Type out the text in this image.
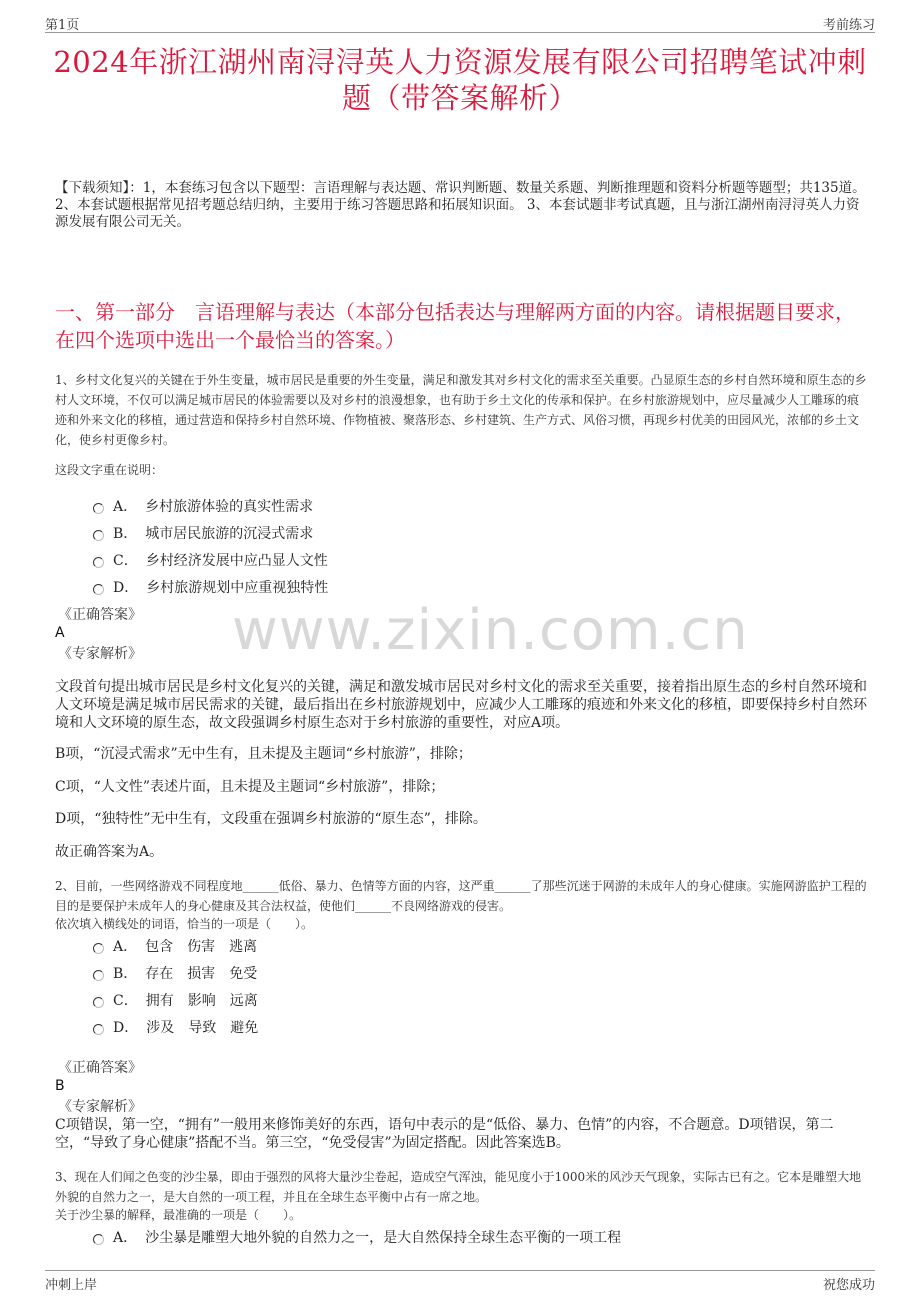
第1页	考前练习
2024年浙江湖州南浔浔英人力资源发展有限公司招聘笔试冲刺题（带答案解析）
【下载须知】：1，本套练习包含以下题型：言语理解与表达题、常识判断题、数量关系题、判断推理题和资料分析题等题型；共135道。 2、本套试题根据常见招考题总结归纳，主要用于练习答题思路和拓展知识面。 3、本套试题非考试真题，且与浙江湖州南浔浔英人力资源发展有限公司无关。
一、第一部分　言语理解与表达（本部分包括表达与理解两方面的内容。请根据题目要求，在四个选项中选出一个最恰当的答案。）
www.zixin.com.cn
1、乡村文化复兴的关键在于外生变量，城市居民是重要的外生变量，满足和激发其对乡村文化的需求至关重要。凸显原生态的乡村自然环境和原生态的乡村人文环境，不仅可以满足城市居民的体验需要以及对乡村的浪漫想象，也有助于乡土文化的传承和保护。在乡村旅游规划中，应尽量减少人工雕琢的痕迹和外来文化的移植，通过营造和保持乡村自然环境、作物植被、聚落形态、乡村建筑、生产方式、风俗习惯，再现乡村优美的田园风光，浓郁的乡土文化，使乡村更像乡村。
这段文字重在说明：
A． 乡村旅游体验的真实性需求
B． 城市居民旅游的沉浸式需求
C． 乡村经济发展中应凸显人文性
D． 乡村旅游规划中应重视独特性
《正确答案》
A
《专家解析》
文段首句提出城市居民是乡村文化复兴的关键，满足和激发城市居民对乡村文化的需求至关重要，接着指出原生态的乡村自然环境和人文环境是满足城市居民需求的关键，最后指出在乡村旅游规划中，应减少人工雕琢的痕迹和外来文化的移植，即要保持乡村自然环境和人文环境的原生态，故文段强调乡村原生态对于乡村旅游的重要性，对应A项。
B项，“沉浸式需求”无中生有，且未提及主题词“乡村旅游”，排除；
C项，“人文性”表述片面，且未提及主题词“乡村旅游”，排除；
D项，“独特性”无中生有，文段重在强调乡村旅游的“原生态”，排除。
故正确答案为A。
2、目前，一些网络游戏不同程度地______低俗、暴力、色情等方面的内容，这严重______了那些沉迷于网游的未成年人的身心健康。实施网游监护工程的目的是要保护未成年人的身心健康及其合法权益，使他们______不良网络游戏的侵害。
依次填入横线处的词语，恰当的一项是（　　）。
A． 包含　伤害　逃离
B． 存在　损害　免受
C． 拥有　影响　远离
D． 涉及　导致　避免
《正确答案》
B
《专家解析》
C项错误，第一空，“拥有”一般用来修饰美好的东西，语句中表示的是“低俗、暴力、色情”的内容，不合题意。D项错误，第二空，“导致了身心健康”搭配不当。第三空，“免受侵害”为固定搭配。因此答案选B。
3、现在人们闻之色变的沙尘暴，即由于强烈的风将大量沙尘卷起，造成空气浑浊，能见度小于1000米的风沙天气现象，实际古已有之。它本是雕塑大地外貌的自然力之一，是大自然的一项工程，并且在全球生态平衡中占有一席之地。
关于沙尘暴的解释，最准确的一项是（　　）。
A． 沙尘暴是雕塑大地外貌的自然力之一，是大自然保持全球生态平衡的一项工程
冲刺上岸	祝您成功
